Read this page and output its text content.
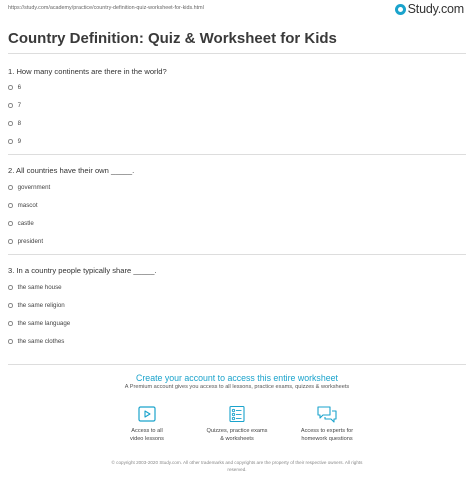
https://study.com/academy/practice/country-definition-quiz-worksheet-for-kids.html	Study.com
Country Definition: Quiz & Worksheet for Kids
1. How many continents are there in the world?
6
7
8
9
2. All countries have their own _____.
government
mascot
castle
president
3. In a country people typically share _____.
the same house
the same religion
the same language
the same clothes
Create your account to access this entire worksheet
A Premium account gives you access to all lessons, practice exams, quizzes & worksheets
Access to all
video lessons
Quizzes, practice exams
& worksheets
Access to experts for
homework questions
© copyright 2003-2020 Study.com. All other trademarks and copyrights are the property of their respective owners. All rights
reserved.
